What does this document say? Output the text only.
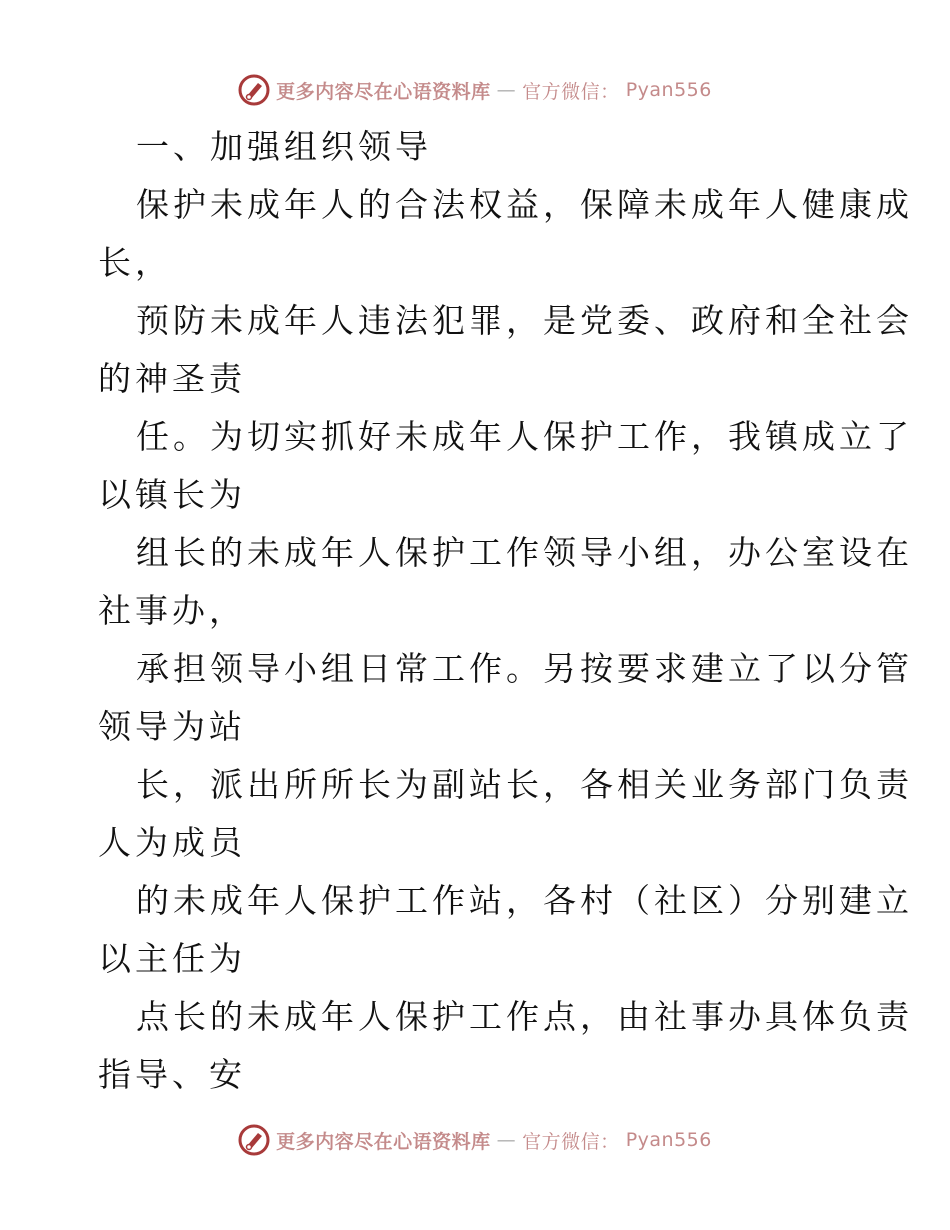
更多内容尽在心语资料库 — 官方微信： Pyan556
一、加强组织领导
保护未成年人的合法权益，保障未成年人健康成
长，
预防未成年人违法犯罪，是党委、政府和全社会
的神圣责
任。为切实抓好未成年人保护工作，我镇成立了
以镇长为
组长的未成年人保护工作领导小组，办公室设在
社事办，
承担领导小组日常工作。另按要求建立了以分管
领导为站
长，派出所所长为副站长，各相关业务部门负责
人为成员
的未成年人保护工作站，各村（社区）分别建立
以主任为
点长的未成年人保护工作点，由社事办具体负责
指导、安
更多内容尽在心语资料库 — 官方微信： Pyan556
